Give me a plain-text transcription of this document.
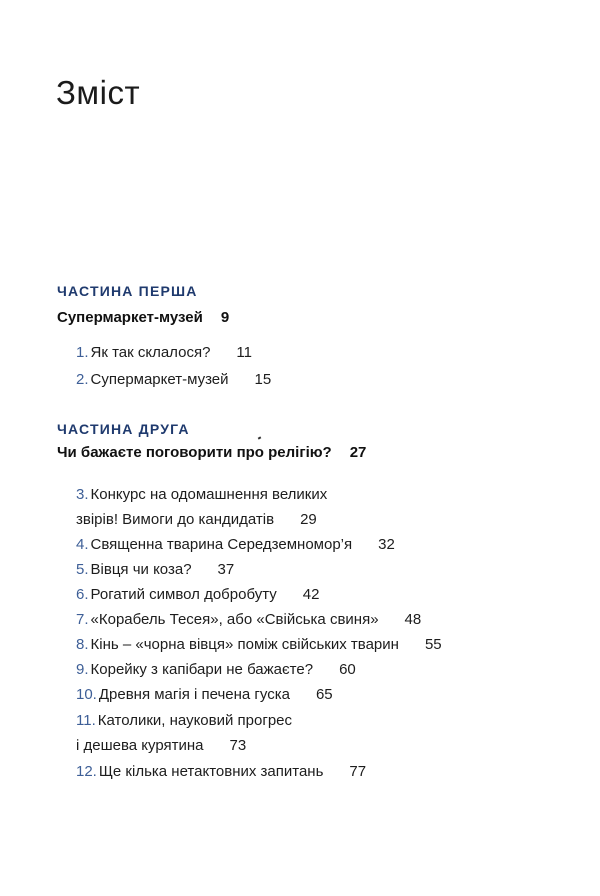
Зміст
ЧАСТИНА ПЕРША
Супермаркет-музей 9
1. Як так склалося? 11
2. Супермаркет-музей 15
ЧАСТИНА ДРУГА
Чи бажаєте поговорити про релігію? 27
3. Конкурс на одомашнення великих
звірів! Вимоги до кандидатів 29
4. Священна тварина Середземномор’я 32
5. Вівця чи коза? 37
6. Рогатий символ добробуту 42
7. «Корабель Тесея», або «Свійська свиня» 48
8. Кінь – «чорна вівця» поміж свійських тварин 55
9. Корейку з капібари не бажаєте? 60
10. Древня магія і печена гуска 65
11. Католики, науковий прогрес
і дешева курятина 73
12. Ще кілька нетактовних запитань 77
